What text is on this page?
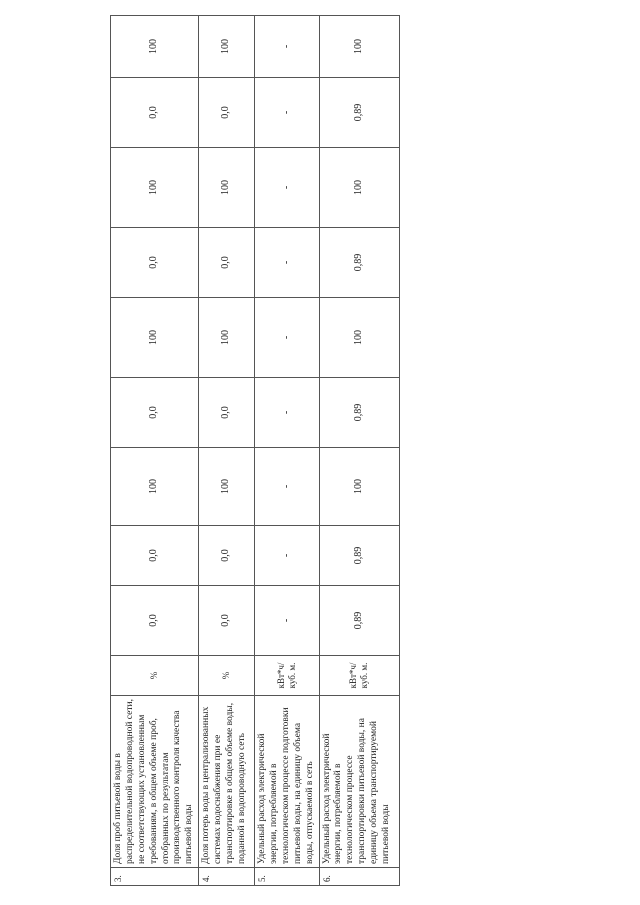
3.	Доля проб питьевой воды в распределительной водопроводной сети, не соответствующих установленным требованиям, в общем объеме проб, отобранных по результатам производственного контроля качества питьевой воды	%	0,0	0,0	100	0,0	100	0,0	100	0,0	100
4.	Доля потерь воды в централизованных системах водоснабжения при ее транспортировке в общем объеме воды, поданной в водопроводную сеть	%	0,0	0,0	100	0,0	100	0,0	100	0,0	100
5.	Удельный расход электрической энергии, потребляемой в технологическом процессе подготовки питьевой воды, на единицу объема воды, отпускаемой в сеть	кВт*ч/ куб. м.	-	-	-	-	-	-	-	-	-
6.	Удельный расход электрической энергии, потребляемой в технологическом процессе транспортировки питьевой воды, на единицу объема транспортируемой питьевой воды	кВт*ч/ куб. м.	0,89	0,89	100	0,89	100	0,89	100	0,89	100
